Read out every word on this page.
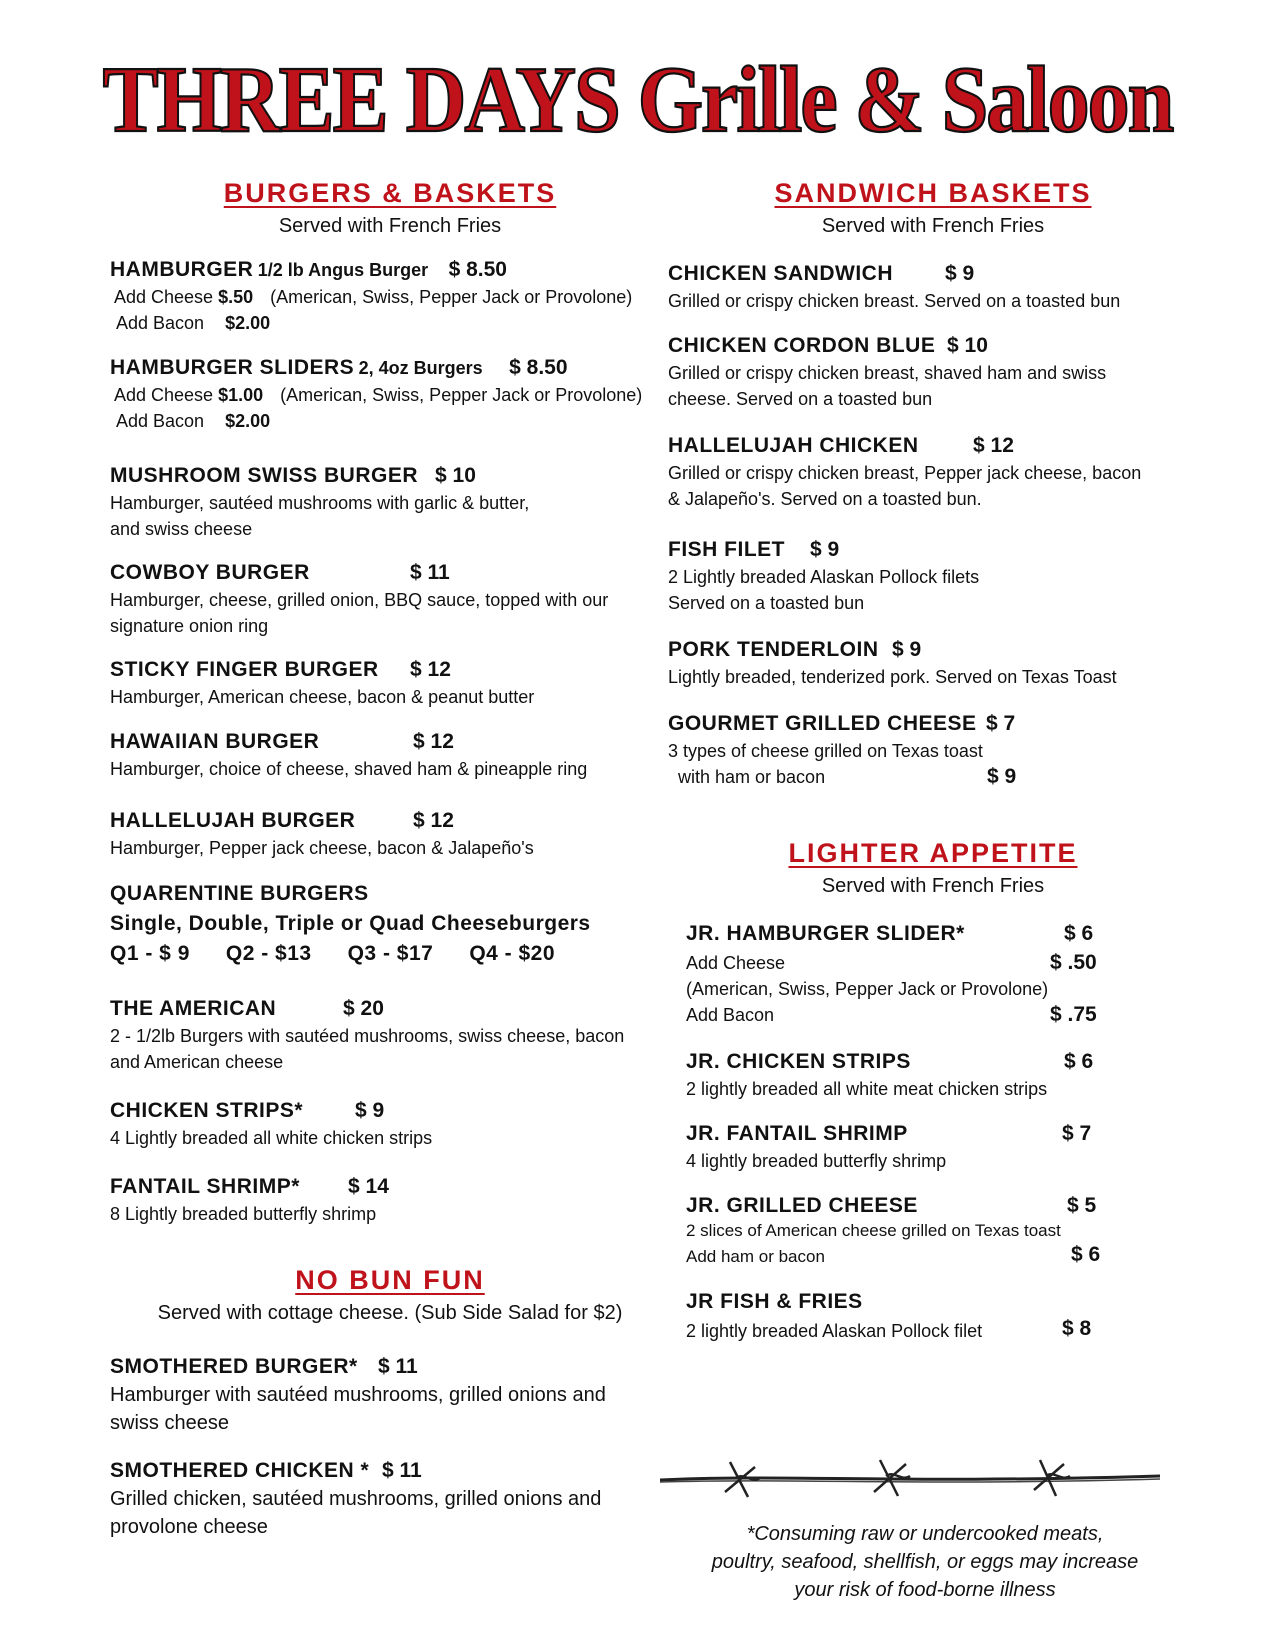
THREE DAYS Grille & Saloon
BURGERS & BASKETS
Served with French Fries
HAMBURGER 1/2 lb Angus Burger $ 8.50
Add Cheese $.50 (American, Swiss, Pepper Jack or Provolone)
Add Bacon $2.00
HAMBURGER SLIDERS 2, 4oz Burgers $ 8.50
Add Cheese $1.00 (American, Swiss, Pepper Jack or Provolone)
Add Bacon $2.00
MUSHROOM SWISS BURGER $ 10
Hamburger, sautéed mushrooms with garlic & butter,
and swiss cheese
COWBOY BURGER	$ 11
Hamburger, cheese, grilled onion, BBQ sauce, topped with our
signature onion ring
STICKY FINGER BURGER $ 12
Hamburger, American cheese, bacon & peanut butter
HAWAIIAN BURGER	$ 12
Hamburger, choice of cheese, shaved ham & pineapple ring
HALLELUJAH BURGER	$ 12
Hamburger, Pepper jack cheese, bacon & Jalapeño's
QUARENTINE BURGERS
Single, Double, Triple or Quad Cheeseburgers
Q1 - $ 9 Q2 - $13 Q3 - $17 Q4 - $20
THE AMERICAN	$ 20
2 - 1/2lb Burgers with sautéed mushrooms, swiss cheese, bacon
and American cheese
CHICKEN STRIPS* $ 9
4 Lightly breaded all white chicken strips
FANTAIL SHRIMP* $ 14
8 Lightly breaded butterfly shrimp
NO BUN FUN
Served with cottage cheese. (Sub Side Salad for $2)
SMOTHERED BURGER* $ 11
Hamburger with sautéed mushrooms, grilled onions and
swiss cheese
SMOTHERED CHICKEN * $ 11
Grilled chicken, sautéed mushrooms, grilled onions and
provolone cheese
SANDWICH BASKETS
Served with French Fries
CHICKEN SANDWICH $ 9
Grilled or crispy chicken breast. Served on a toasted bun
CHICKEN CORDON BLUE $ 10
Grilled or crispy chicken breast, shaved ham and swiss
cheese. Served on a toasted bun
HALLELUJAH CHICKEN	$ 12
Grilled or crispy chicken breast, Pepper jack cheese, bacon
& Jalapeño's. Served on a toasted bun.
FISH FILET $ 9
2 Lightly breaded Alaskan Pollock filets
Served on a toasted bun
PORK TENDERLOIN $ 9
Lightly breaded, tenderized pork. Served on Texas Toast
GOURMET GRILLED CHEESE $ 7
3 types of cheese grilled on Texas toast
with ham or bacon	$ 9
LIGHTER APPETITE
Served with French Fries
JR. HAMBURGER SLIDER*	$ 6
Add Cheese	$ .50
(American, Swiss, Pepper Jack or Provolone)
Add Bacon	$ .75
JR. CHICKEN STRIPS	$ 6
2 lightly breaded all white meat chicken strips
JR. FANTAIL SHRIMP	$ 7
4 lightly breaded butterfly shrimp
JR. GRILLED CHEESE	$ 5
2 slices of American cheese grilled on Texas toast
Add ham or bacon	$ 6
JR FISH & FRIES
2 lightly breaded Alaskan Pollock filet	$ 8
*Consuming raw or undercooked meats,
poultry, seafood, shellfish, or eggs may increase
your risk of food-borne illness
